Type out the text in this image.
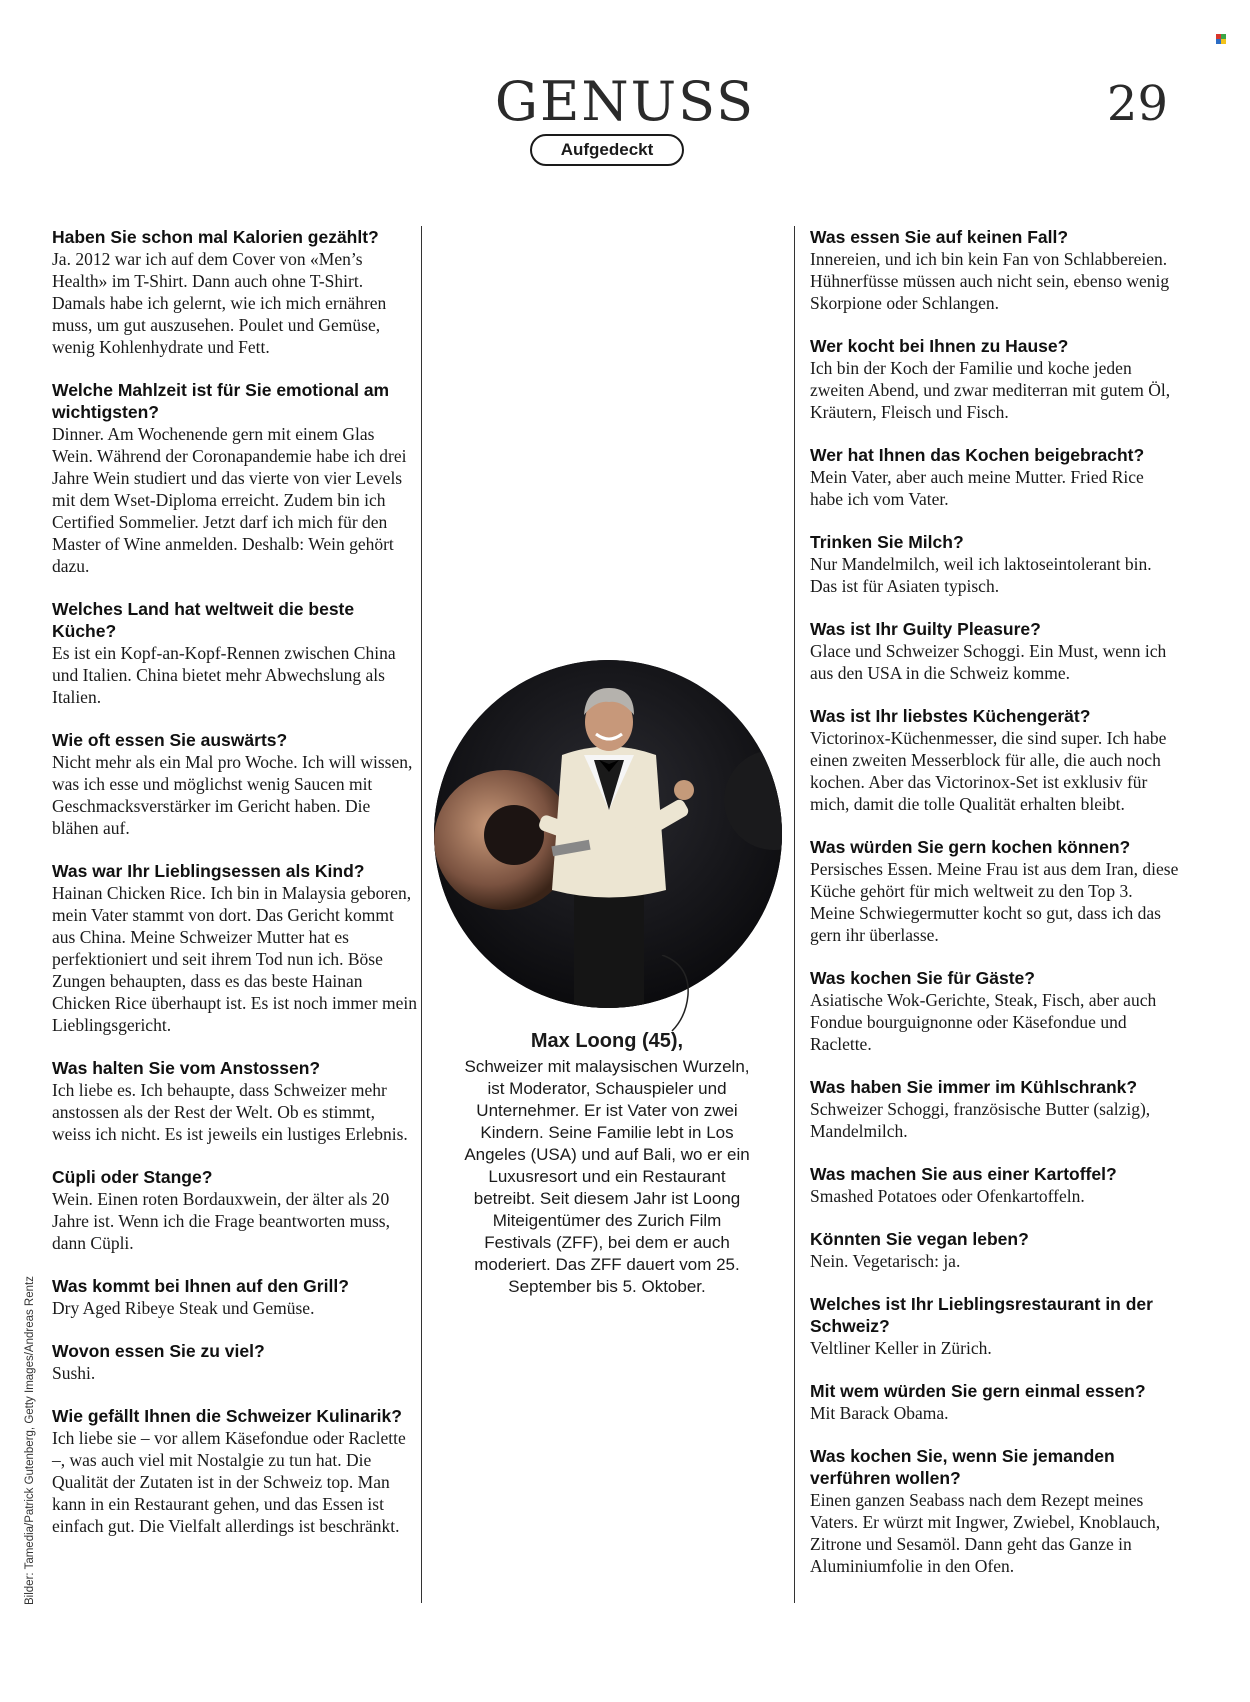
GENUSS	29
Aufgedeckt

Haben Sie schon mal Kalorien gezählt?

Ja. 2012 war ich auf dem Cover von «Men’s Health» im T-Shirt. Dann auch ohne T-Shirt. Damals habe ich gelernt, wie ich mich ernähren muss, um gut auszusehen. Poulet und Gemüse, wenig Kohlenhydrate und Fett.

Welche Mahlzeit ist für Sie emotional am wichtigsten?

Dinner. Am Wochenende gern mit einem Glas Wein. Während der Coronapandemie habe ich drei Jahre Wein studiert und das vierte von vier Levels mit dem Wset-Diploma erreicht. Zudem bin ich Certified Sommelier. Jetzt darf ich mich für den Master of Wine anmelden. Deshalb: Wein gehört dazu.

Welches Land hat weltweit die beste Küche?

Es ist ein Kopf-an-Kopf-Rennen zwischen China und Italien. China bietet mehr Abwechslung als Italien.

Wie oft essen Sie auswärts?

Nicht mehr als ein Mal pro Woche. Ich will wissen, was ich esse und möglichst wenig Saucen mit Geschmacksverstärker im Gericht haben. Die blähen auf.

Was war Ihr Lieblingsessen als Kind?

Hainan Chicken Rice. Ich bin in Malaysia geboren, mein Vater stammt von dort. Das Gericht kommt aus China. Meine Schweizer Mutter hat es perfektioniert und seit ihrem Tod nun ich. Böse Zungen behaupten, dass es das beste Hainan Chicken Rice überhaupt ist. Es ist noch immer mein Lieblingsgericht.

Was halten Sie vom Anstossen?

Ich liebe es. Ich behaupte, dass Schweizer mehr anstossen als der Rest der Welt. Ob es stimmt, weiss ich nicht. Es ist jeweils ein lustiges Erlebnis.

Cüpli oder Stange?

Wein. Einen roten Bordauxwein, der älter als 20 Jahre ist. Wenn ich die Frage beantworten muss, dann Cüpli.

Was kommt bei Ihnen auf den Grill?

Dry Aged Ribeye Steak und Gemüse.

Wovon essen Sie zu viel?

Sushi.

Wie gefällt Ihnen die Schweizer Kulinarik?

Ich liebe sie – vor allem Käsefondue oder Raclette –, was auch viel mit Nostalgie zu tun hat. Die Qualität der Zutaten ist in der Schweiz top. Man kann in ein Restaurant gehen, und das Essen ist einfach gut. Die Vielfalt allerdings ist beschränkt.

Was essen Sie auf keinen Fall?

Innereien, und ich bin kein Fan von Schlabbereien. Hühnerfüsse müssen auch nicht sein, ebenso wenig Skorpione oder Schlangen.

Wer kocht bei Ihnen zu Hause?

Ich bin der Koch der Familie und koche jeden zweiten Abend, und zwar mediterran mit gutem Öl, Kräutern, Fleisch und Fisch.

Wer hat Ihnen das Kochen beigebracht?

Mein Vater, aber auch meine Mutter. Fried Rice habe ich vom Vater.

Trinken Sie Milch?

Nur Mandelmilch, weil ich laktoseintolerant bin. Das ist für Asiaten typisch.

Was ist Ihr Guilty Pleasure?

Glace und Schweizer Schoggi. Ein Must, wenn ich aus den USA in die Schweiz komme.

Was ist Ihr liebstes Küchengerät?

Victorinox-Küchenmesser, die sind super. Ich habe einen zweiten Messerblock für alle, die auch noch kochen. Aber das Victorinox-Set ist exklusiv für mich, damit die tolle Qualität erhalten bleibt.

Was würden Sie gern kochen können?

Persisches Essen. Meine Frau ist aus dem Iran, diese Küche gehört für mich weltweit zu den Top 3. Meine Schwiegermutter kocht so gut, dass ich das gern ihr überlasse.

Was kochen Sie für Gäste?

Asiatische Wok-Gerichte, Steak, Fisch, aber auch Fondue bourguignonne oder Käsefondue und Raclette.

Was haben Sie immer im Kühlschrank?

Schweizer Schoggi, französische Butter (salzig), Mandelmilch.

Was machen Sie aus einer Kartoffel?

Smashed Potatoes oder Ofenkartoffeln.

Könnten Sie vegan leben?

Nein. Vegetarisch: ja.

Welches ist Ihr Lieblingsrestaurant in der Schweiz?

Veltliner Keller in Zürich.

Mit wem würden Sie gern einmal essen?

Mit Barack Obama.

Was kochen Sie, wenn Sie jemanden verführen wollen?

Einen ganzen Seabass nach dem Rezept meines Vaters. Er würzt mit Ingwer, Zwiebel, Knoblauch, Zitrone und Sesamöl. Dann geht das Ganze in Aluminiumfolie in den Ofen.

Max Loong (45),

Schweizer mit malaysischen Wurzeln, ist Moderator, Schauspieler und Unternehmer. Er ist Vater von zwei Kindern. Seine Familie lebt in Los Angeles (USA) und auf Bali, wo er ein Luxusresort und ein Restaurant betreibt. Seit diesem Jahr ist Loong Miteigentümer des Zurich Film Festivals (ZFF), bei dem er auch moderiert. Das ZFF dauert vom 25. September bis 5. Oktober.

Bilder: Tamedia/Patrick Gutenberg, Getty Images/Andreas Rentz
